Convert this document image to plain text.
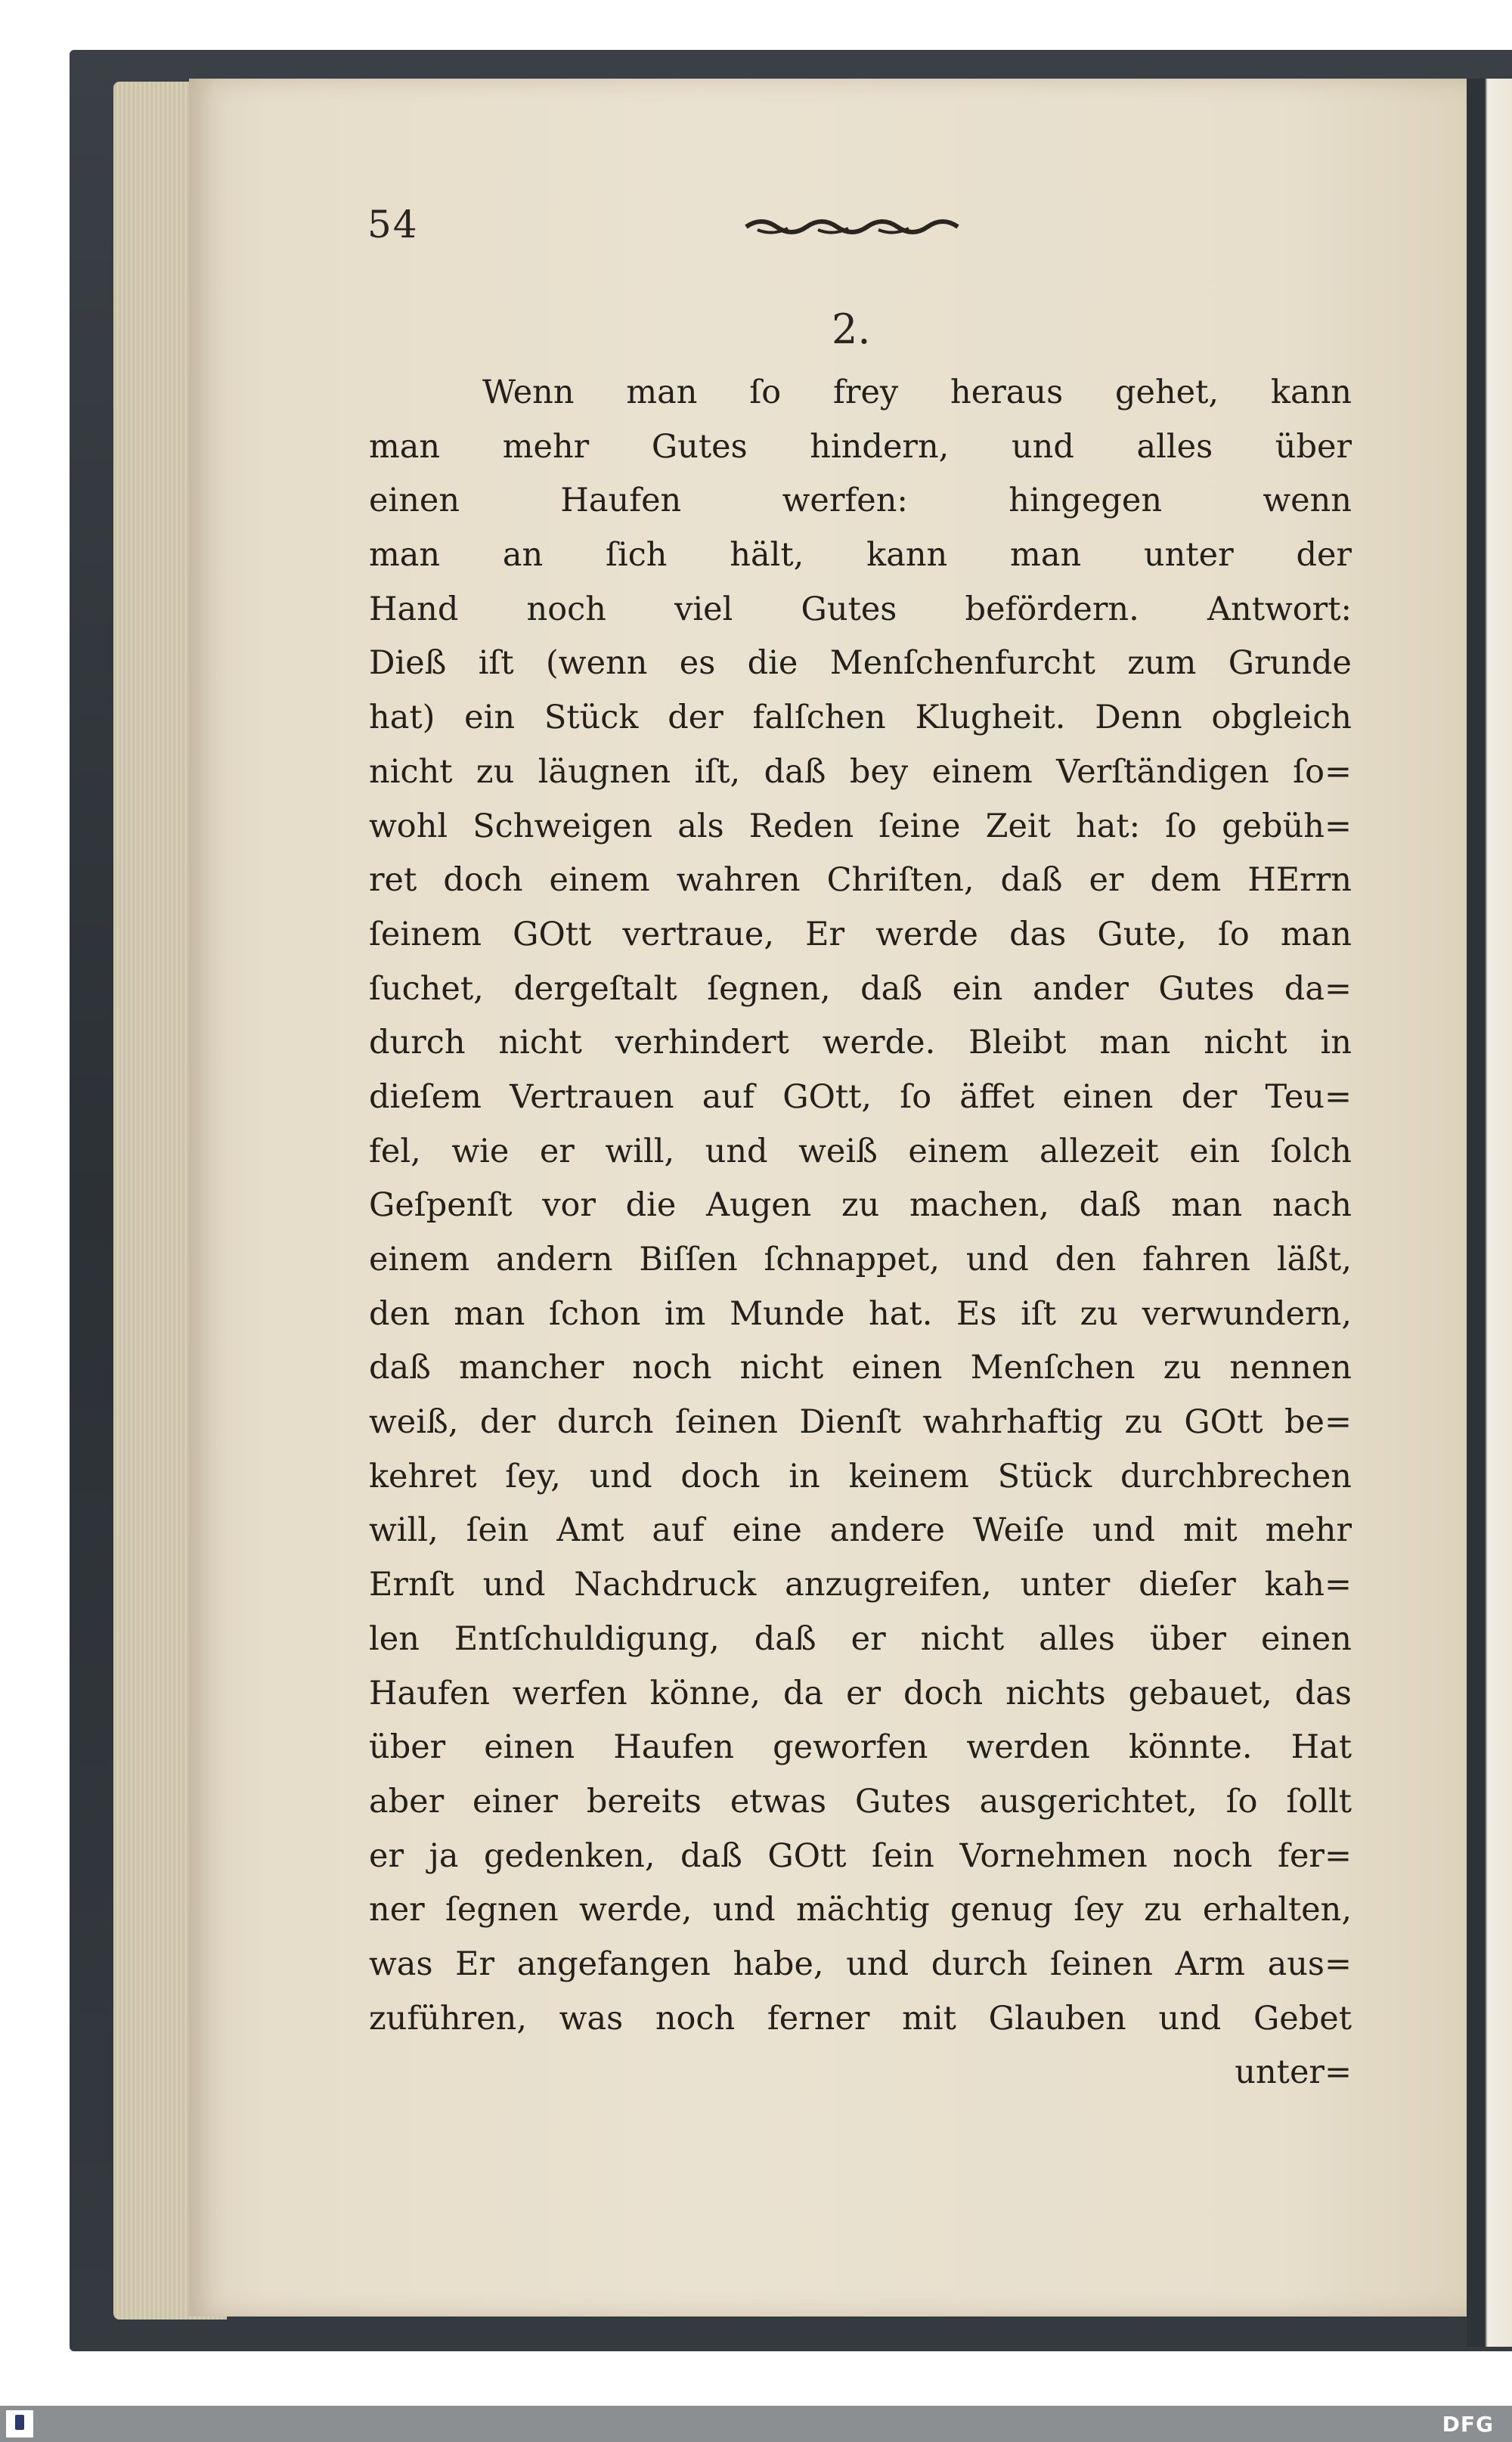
54
2.
Wenn man ſo frey heraus gehet, kann
man mehr Gutes hindern, und alles über
einen Haufen werfen: hingegen wenn
man an ſich hält, kann man unter der
Hand noch viel Gutes befördern. Antwort:
Dieß iſt (wenn es die Menſchenfurcht zum Grunde
hat) ein Stück der falſchen Klugheit. Denn obgleich
nicht zu läugnen iſt, daß bey einem Verſtändigen ſo=
wohl Schweigen als Reden ſeine Zeit hat: ſo gebüh=
ret doch einem wahren Chriſten, daß er dem HErrn
ſeinem GOtt vertraue, Er werde das Gute, ſo man
ſuchet, dergeſtalt ſegnen, daß ein ander Gutes da=
durch nicht verhindert werde. Bleibt man nicht in
dieſem Vertrauen auf GOtt, ſo äffet einen der Teu=
fel, wie er will, und weiß einem allezeit ein ſolch
Geſpenſt vor die Augen zu machen, daß man nach
einem andern Biſſen ſchnappet, und den fahren läßt,
den man ſchon im Munde hat. Es iſt zu verwundern,
daß mancher noch nicht einen Menſchen zu nennen
weiß, der durch ſeinen Dienſt wahrhaftig zu GOtt be=
kehret ſey, und doch in keinem Stück durchbrechen
will, ſein Amt auf eine andere Weiſe und mit mehr
Ernſt und Nachdruck anzugreifen, unter dieſer kah=
len Entſchuldigung, daß er nicht alles über einen
Haufen werfen könne, da er doch nichts gebauet, das
über einen Haufen geworfen werden könnte. Hat
aber einer bereits etwas Gutes ausgerichtet, ſo ſollt
er ja gedenken, daß GOtt ſein Vornehmen noch fer=
ner ſegnen werde, und mächtig genug ſey zu erhalten,
was Er angefangen habe, und durch ſeinen Arm aus=
zuführen, was noch ferner mit Glauben und Gebet
unter=
DFG
